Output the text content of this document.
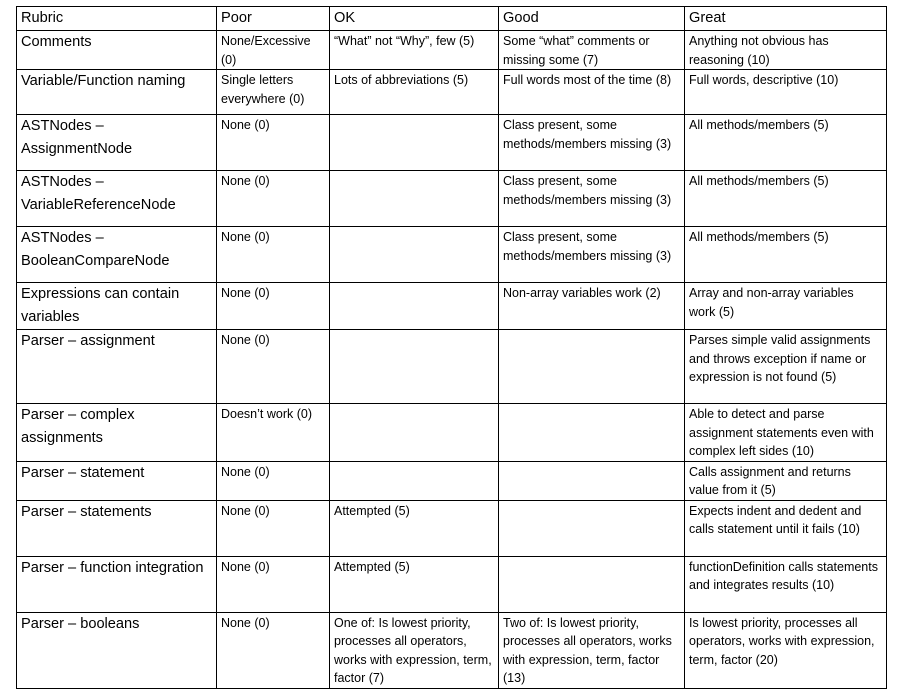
Rubric	Poor	OK	Good	Great
Comments	None/Excessive (0)	“What” not “Why”, few (5)	Some “what” comments or missing some (7)	Anything not obvious has reasoning (10)
Variable/Function naming	Single letters everywhere (0)	Lots of abbreviations (5)	Full words most of the time (8)	Full words, descriptive (10)
ASTNodes – AssignmentNode	None (0)		Class present, some methods/members missing (3)	All methods/members (5)
ASTNodes – VariableReferenceNode	None (0)		Class present, some methods/members missing (3)	All methods/members (5)
ASTNodes – BooleanCompareNode	None (0)		Class present, some methods/members missing (3)	All methods/members (5)
Expressions can contain variables	None (0)		Non-array variables work (2)	Array and non-array variables work (5)
Parser – assignment	None (0)			Parses simple valid assignments and throws exception if name or expression is not found (5)
Parser – complex assignments	Doesn’t work (0)			Able to detect and parse assignment statements even with complex left sides (10)
Parser – statement	None (0)			Calls assignment and returns value from it (5)
Parser – statements	None (0)	Attempted (5)		Expects indent and dedent and calls statement until it fails (10)
Parser – function integration	None (0)	Attempted (5)		functionDefinition calls statements and integrates results (10)
Parser – booleans	None (0)	One of: Is lowest priority, processes all operators, works with expression, term, factor (7)	Two of: Is lowest priority, processes all operators, works with expression, term, factor (13)	Is lowest priority, processes all operators, works with expression, term, factor (20)
